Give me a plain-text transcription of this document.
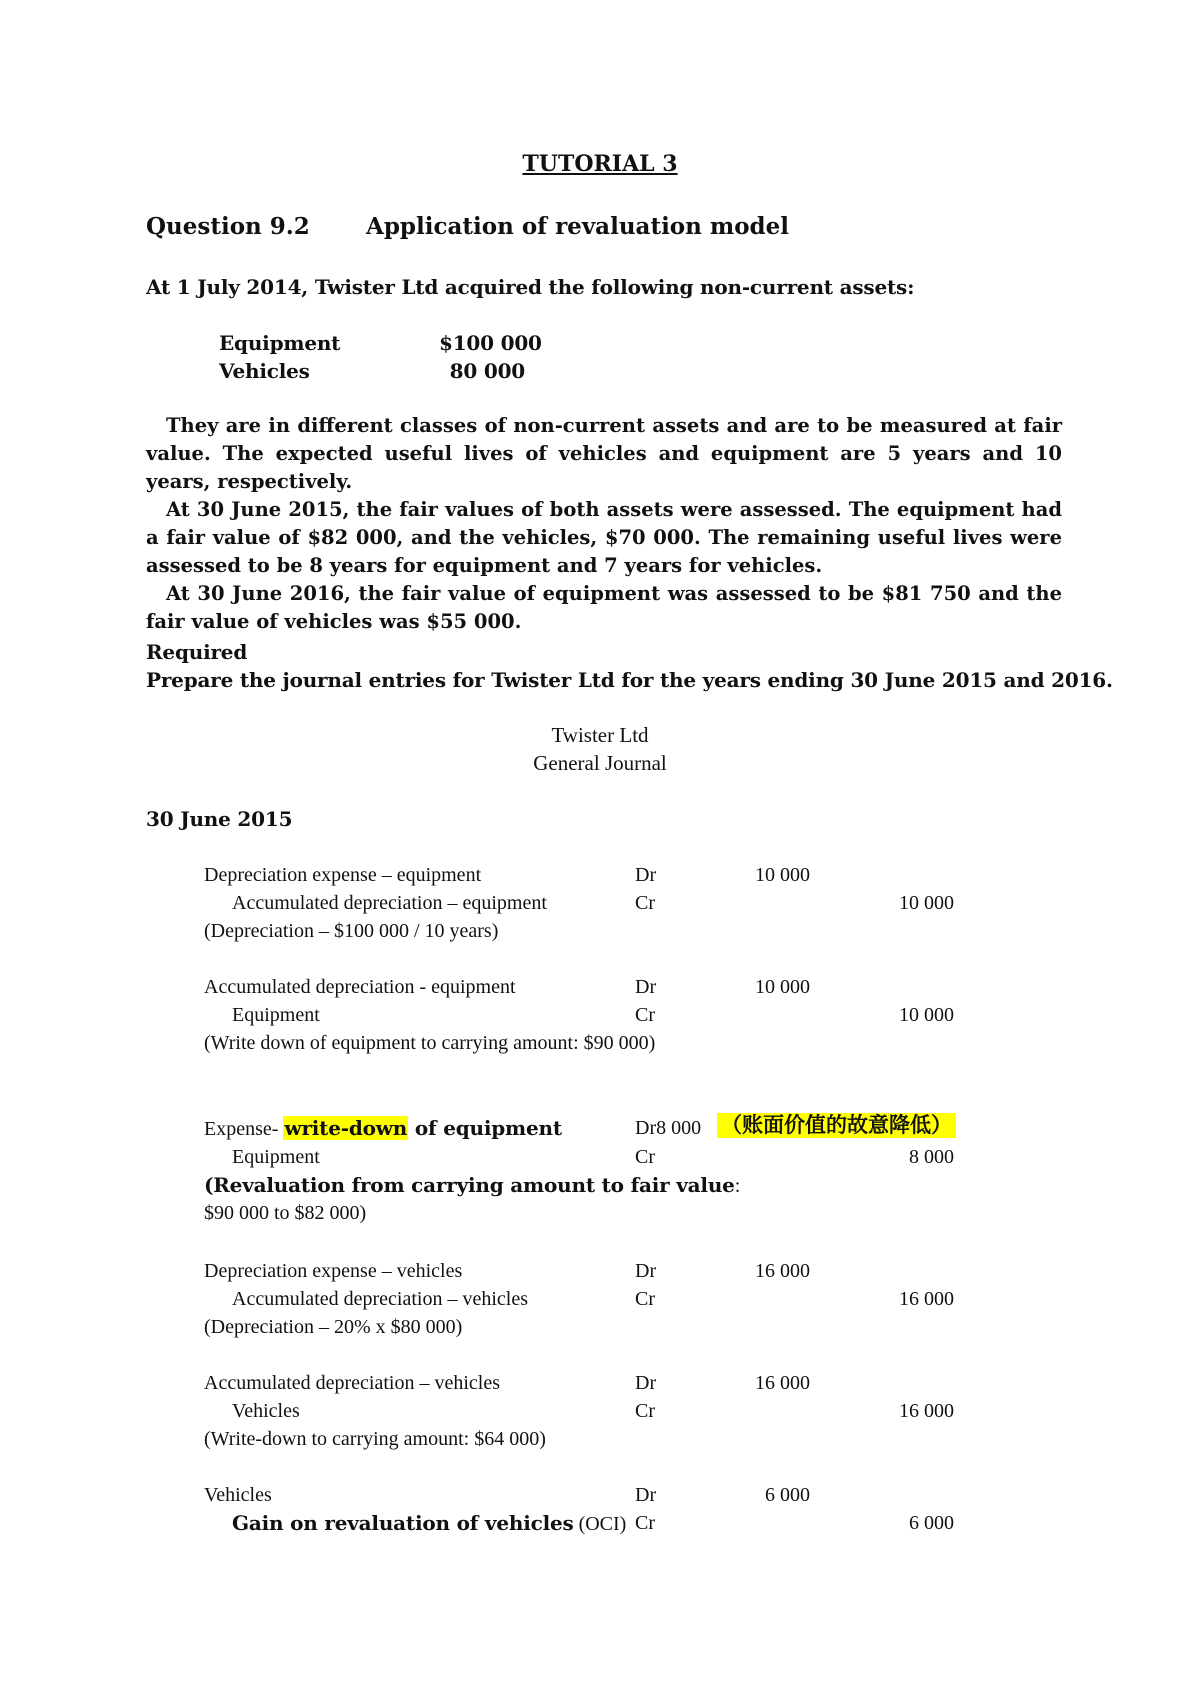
TUTORIAL 3
Question 9.2 Application of revaluation model
At 1 July 2014, Twister Ltd acquired the following non-current assets:
Equipment	$100 000
Vehicles	80 000
They are in different classes of non-current assets and are to be measured at fair value. The expected useful lives of vehicles and equipment are 5 years and 10 years, respectively.
At 30 June 2015, the fair values of both assets were assessed. The equipment had a fair value of $82 000, and the vehicles, $70 000. The remaining useful lives were assessed to be 8 years for equipment and 7 years for vehicles.
At 30 June 2016, the fair value of equipment was assessed to be $81 750 and the fair value of vehicles was $55 000.
Required
Prepare the journal entries for Twister Ltd for the years ending 30 June 2015 and 2016.
Twister Ltd
General Journal
30 June 2015
Depreciation expense – equipment	Dr	10 000
Accumulated depreciation – equipment	Cr	10 000
(Depreciation – $100 000 / 10 years)
Accumulated depreciation - equipment	Dr	10 000
Equipment	Cr	10 000
(Write down of equipment to carrying amount: $90 000)
Expense- write-down of equipment	Dr8 000 （账面价值的故意降低）
Equipment	Cr	8 000
(Revaluation from carrying amount to fair value:
$90 000 to $82 000)
Depreciation expense – vehicles	Dr	16 000
Accumulated depreciation – vehicles	Cr	16 000
(Depreciation – 20% x $80 000)
Accumulated depreciation – vehicles	Dr	16 000
Vehicles	Cr	16 000
(Write-down to carrying amount: $64 000)
Vehicles	Dr	6 000
Gain on revaluation of vehicles (OCI) Cr	6 000
